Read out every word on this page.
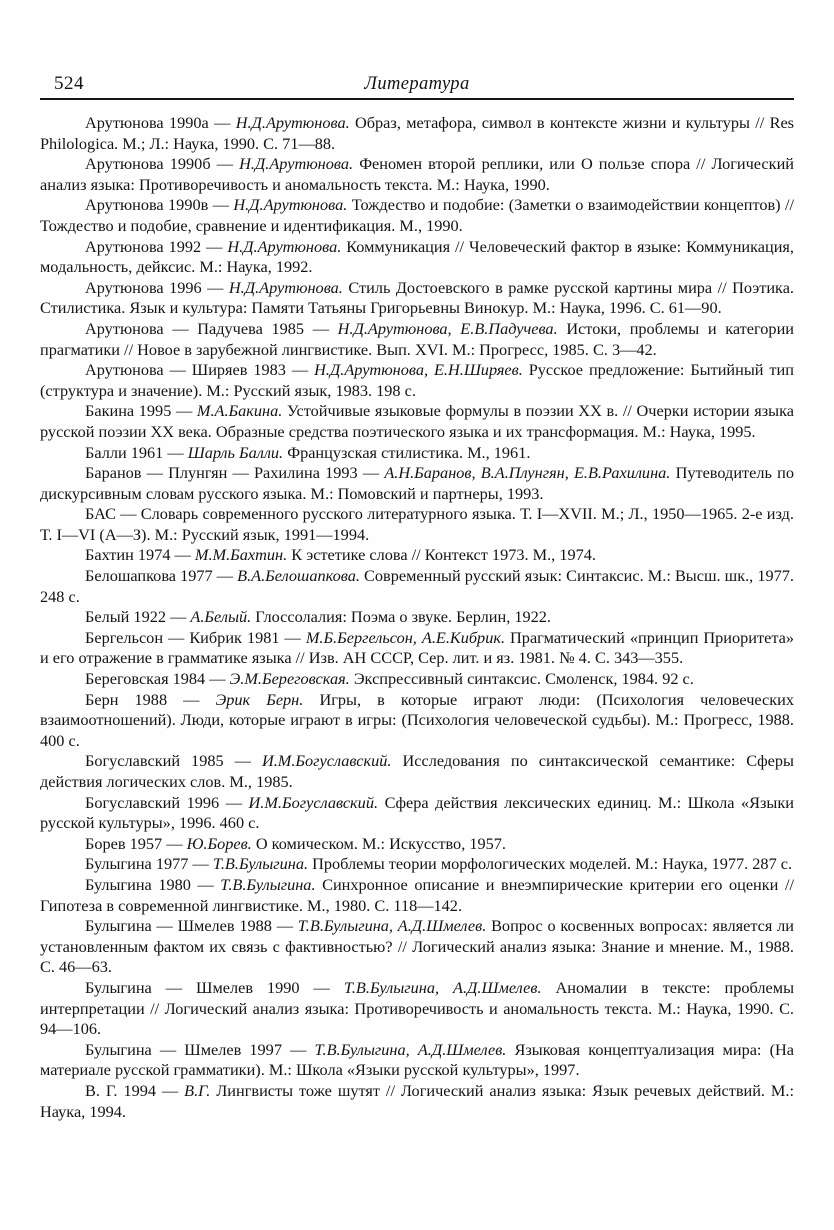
524	Литература

Арутюнова 1990а — Н.Д.Арутюнова. Образ, метафора, символ в контексте жизни и культуры // Res Philologica. М.; Л.: Наука, 1990. С. 71—88.

Арутюнова 1990б — Н.Д.Арутюнова. Феномен второй реплики, или О пользе спора // Логический анализ языка: Противоречивость и аномальность текста. М.: Наука, 1990.

Арутюнова 1990в — Н.Д.Арутюнова. Тождество и подобие: (Заметки о взаимодействии концептов) // Тождество и подобие, сравнение и идентификация. М., 1990.

Арутюнова 1992 — Н.Д.Арутюнова. Коммуникация // Человеческий фактор в языке: Коммуникация, модальность, дейксис. М.: Наука, 1992.

Арутюнова 1996 — Н.Д.Арутюнова. Стиль Достоевского в рамке русской картины мира // Поэтика. Стилистика. Язык и культура: Памяти Татьяны Григорьевны Винокур. М.: Наука, 1996. С. 61—90.

Арутюнова — Падучева 1985 — Н.Д.Арутюнова, Е.В.Падучева. Истоки, проблемы и категории прагматики // Новое в зарубежной лингвистике. Вып. XVI. М.: Прогресс, 1985. С. 3—42.

Арутюнова — Ширяев 1983 — Н.Д.Арутюнова, Е.Н.Ширяев. Русское предложение: Бытийный тип (структура и значение). М.: Русский язык, 1983. 198 с.

Бакина 1995 — М.А.Бакина. Устойчивые языковые формулы в поэзии XX в. // Очерки истории языка русской поэзии XX века. Образные средства поэтического языка и их трансформация. М.: Наука, 1995.

Балли 1961 — Шарль Балли. Французская стилистика. М., 1961.

Баранов — Плунгян — Рахилина 1993 — А.Н.Баранов, В.А.Плунгян, Е.В.Рахилина. Путеводитель по дискурсивным словам русского языка. М.: Помовский и партнеры, 1993.

БАС — Словарь современного русского литературного языка. Т. I—XVII. М.; Л., 1950—1965. 2-е изд. Т. I—VI (А—З). М.: Русский язык, 1991—1994.

Бахтин 1974 — М.М.Бахтин. К эстетике слова // Контекст 1973. М., 1974.

Белошапкова 1977 — В.А.Белошапкова. Современный русский язык: Синтаксис. М.: Высш. шк., 1977. 248 с.

Белый 1922 — А.Белый. Глоссолалия: Поэма о звуке. Берлин, 1922.

Бергельсон — Кибрик 1981 — М.Б.Бергельсон, А.Е.Кибрик. Прагматический «принцип Приоритета» и его отражение в грамматике языка // Изв. АН СССР, Сер. лит. и яз. 1981. № 4. С. 343—355.

Береговская 1984 — Э.М.Береговская. Экспрессивный синтаксис. Смоленск, 1984. 92 с.

Берн 1988 — Эрик Берн. Игры, в которые играют люди: (Психология человеческих взаимоотношений). Люди, которые играют в игры: (Психология человеческой судьбы). М.: Прогресс, 1988. 400 с.

Богуславский 1985 — И.М.Богуславский. Исследования по синтаксической семантике: Сферы действия логических слов. М., 1985.

Богуславский 1996 — И.М.Богуславский. Сфера действия лексических единиц. М.: Школа «Языки русской культуры», 1996. 460 с.

Борев 1957 — Ю.Борев. О комическом. М.: Искусство, 1957.

Булыгина 1977 — Т.В.Булыгина. Проблемы теории морфологических моделей. М.: Наука, 1977. 287 с.

Булыгина 1980 — Т.В.Булыгина. Синхронное описание и внеэмпирические критерии его оценки // Гипотеза в современной лингвистике. М., 1980. С. 118—142.

Булыгина — Шмелев 1988 — Т.В.Булыгина, А.Д.Шмелев. Вопрос о косвенных вопросах: является ли установленным фактом их связь с фактивностью? // Логический анализ языка: Знание и мнение. М., 1988. С. 46—63.

Булыгина — Шмелев 1990 — Т.В.Булыгина, А.Д.Шмелев. Аномалии в тексте: проблемы интерпретации // Логический анализ языка: Противоречивость и аномальность текста. М.: Наука, 1990. С. 94—106.

Булыгина — Шмелев 1997 — Т.В.Булыгина, А.Д.Шмелев. Языковая концептуализация мира: (На материале русской грамматики). М.: Школа «Языки русской культуры», 1997.

В. Г. 1994 — В.Г. Лингвисты тоже шутят // Логический анализ языка: Язык речевых действий. М.: Наука, 1994.
